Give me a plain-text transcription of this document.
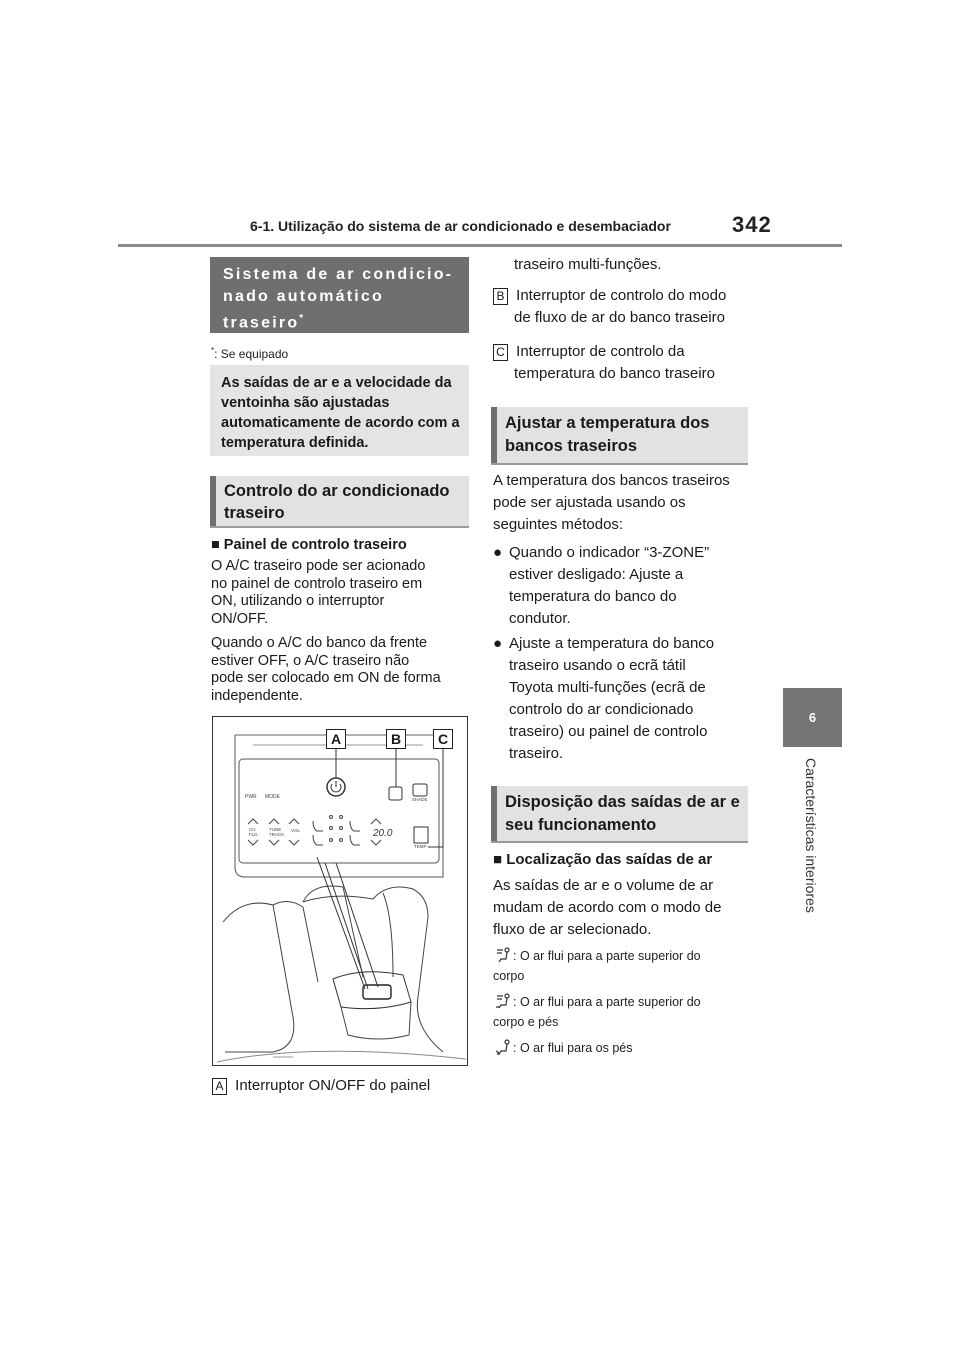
6-1. Utilização do sistema de ar condicionado e desembaciador	342
6
Características interiores
Sistema de ar condicio-nado automático traseiro*
*: Se equipado
As saídas de ar e a velocidade da ventoinha são ajustadas automaticamente de acordo com a temperatura definida.
Controlo do ar condicionado traseiro
■ Painel de controlo traseiro
O A/C traseiro pode ser acionado
no painel de controlo traseiro em
ON, utilizando o interruptor
ON/OFF.
Quando o A/C do banco da frente
estiver OFF, o A/C traseiro não
pode ser colocado em ON de forma
independente.
A	B	C
PWR MODE
CH
FLD
TUNE
TRACK
VOL
SHADE
TEMP
20.0
A Interruptor ON/OFF do painel
traseiro multi-funções.
B Interruptor de controlo do modo
de fluxo de ar do banco traseiro
C Interruptor de controlo da
temperatura do banco traseiro
Ajustar a temperatura dos bancos traseiros
A temperatura dos bancos traseiros
pode ser ajustada usando os
seguintes métodos:
● Quando o indicador “3-ZONE”
estiver desligado: Ajuste a
temperatura do banco do
condutor.
● Ajuste a temperatura do banco
traseiro usando o ecrã tátil
Toyota multi-funções (ecrã de
controlo do ar condicionado
traseiro) ou painel de controlo
traseiro.
Disposição das saídas de ar e seu funcionamento
■ Localização das saídas de ar
As saídas de ar e o volume de ar
mudam de acordo com o modo de
fluxo de ar selecionado.
: O ar flui para a parte superior do
corpo
: O ar flui para a parte superior do
corpo e pés
: O ar flui para os pés
